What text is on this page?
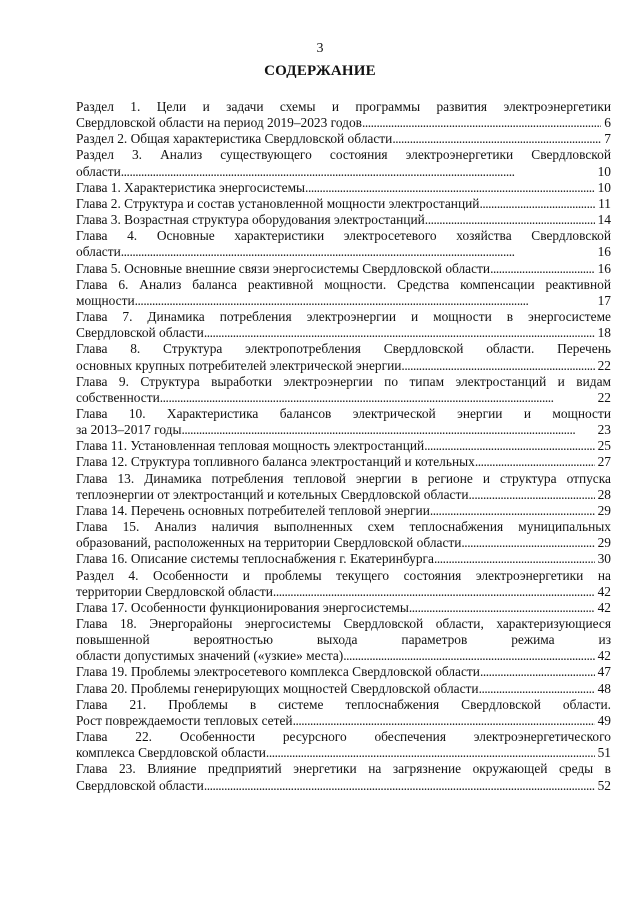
3
СОДЕРЖАНИЕ
Раздел 1. Цели и задачи схемы и программы развития электроэнергетики
Свердловской области на период 2019–2023 годов . . .	6
Раздел 2. Общая характеристика Свердловской области . . .	7
Раздел 3. Анализ существующего состояния электроэнергетики Свердловской
области . . .	10
Глава 1. Характеристика энергосистемы . . .	10
Глава 2. Структура и состав установленной мощности электростанций . . .	11
Глава 3. Возрастная структура оборудования электростанций . . .	14
Глава 4. Основные характеристики электросетевого хозяйства Свердловской
области . . .	16
Глава 5. Основные внешние связи энергосистемы Свердловской области . . .	16
Глава 6. Анализ баланса реактивной мощности. Средства компенсации реактивной
мощности . . .	17
Глава 7. Динамика потребления электроэнергии и мощности в энергосистеме
Свердловской области . . .	18
Глава 8. Структура электропотребления Свердловской области. Перечень
основных крупных потребителей электрической энергии . . .	22
Глава 9. Структура выработки электроэнергии по типам электростанций и видам
собственности . . .	22
Глава 10. Характеристика балансов электрической энергии и мощности
за 2013–2017 годы . . .	23
Глава 11. Установленная тепловая мощность электростанций . . .	25
Глава 12. Структура топливного баланса электростанций и котельных . . .	27
Глава 13. Динамика потребления тепловой энергии в регионе и структура отпуска
теплоэнергии от электростанций и котельных Свердловской области . . .	28
Глава 14. Перечень основных потребителей тепловой энергии . . .	29
Глава 15. Анализ наличия выполненных схем теплоснабжения муниципальных
образований, расположенных на территории Свердловской области . . .	29
Глава 16. Описание системы теплоснабжения г. Екатеринбурга . . .	30
Раздел 4. Особенности и проблемы текущего состояния электроэнергетики на
территории Свердловской области . . .	42
Глава 17. Особенности функционирования энергосистемы . . .	42
Глава 18. Энергорайоны энергосистемы Свердловской области, характеризующиеся повышенной вероятностью выхода параметров режима из
области допустимых значений («узкие» места) . . .	42
Глава 19. Проблемы электросетевого комплекса Свердловской области . . .	47
Глава 20. Проблемы генерирующих мощностей Свердловской области . . .	48
Глава 21. Проблемы в системе теплоснабжения Свердловской области.
Рост повреждаемости тепловых сетей . . .	49
Глава 22. Особенности ресурсного обеспечения электроэнергетического
комплекса Свердловской области . . .	51
Глава 23. Влияние предприятий энергетики на загрязнение окружающей среды в
Свердловской области . . .	52
